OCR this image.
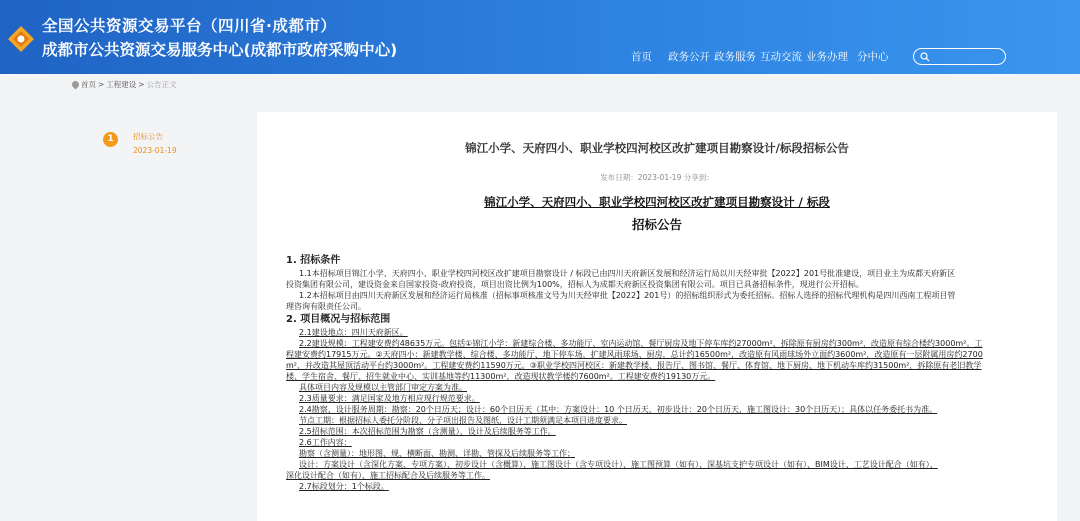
全国公共资源交易平台（四川省·成都市）
成都市公共资源交易服务中心(成都市政府采购中心)	首页 政务公开 政务服务 互动交流 业务办理 分中心
首页 > 工程建设 > 公告正文
1	招标公告
2023-01-19	锦江小学、天府四小、职业学校四河校区改扩建项目勘察设计/标段招标公告
发布日期：2023-01-19 分享到：
锦江小学、天府四小、职业学校四河校区改扩建项目勘察设计 / 标段
招标公告

1. 招标条件

1.1本招标项目锦江小学、天府四小、职业学校四河校区改扩建项目勘察设计 / 标段已由四川天府新区发展和经济运行局以川天经审批【2022】201号批准建设，项目业主为成都天府新区

投资集团有限公司，建设资金来自国家投资-政府投资，项目出资比例为100%，招标人为成都天府新区投资集团有限公司。项目已具备招标条件，现进行公开招标。

1.2本招标项目由四川天府新区发展和经济运行局核准（招标事项核准文号为川天经审批【2022】201号）的招标组织形式为委托招标。招标人选择的招标代理机构是四川西南工程项目管

理咨询有限责任公司。

2. 项目概况与招标范围

2.1建设地点：四川天府新区。

2.2建设规模：工程建安费约48635万元。包括①锦江小学：新建综合楼、多功能厅、室内运动馆、餐厅厨房及地下停车库约27000m²，拆除原有厨房约300m²，改造原有综合楼约3000m²。工

程建安费约17915万元。②天府四小：新建教学楼、综合楼、多功能厅、地下停车场，扩建风雨球场、厨房，总计约16500m²，改造原有风雨球场外立面约3600m²，改造原有一层附属用房约2700

m²，并改造其屋顶活动平台约3000m²。工程建安费约11590万元。③职业学校四河校区：新建教学楼、报告厅、图书馆、餐厅、体育馆、地下厨房、地下机动车库约31500m²，拆除原有老旧教学

楼、学生宿舍、餐厅、招生就业中心、实训基地等约11300m²，改造现状教学楼约7600m²。工程建安费约19130万元。

具体项目内容及规模以主管部门审定方案为准。

2.3质量要求：满足国家及地方相应现行规范要求。

2.4勘察、设计服务周期：勘察：20个日历天；设计：60个日历天（其中：方案设计：10 个日历天，初步设计：20个日历天，施工图设计：30个日历天）；具体以任务委托书为准。

节点工期：根据招标人委托分阶段、分子项出报告及图纸，设计工期须满足本项目进度要求。

2.5招标范围：本次招标范围为勘察（含测量）、设计及后续服务等工作。

2.6工作内容：

勘察（含测量）：地形图、规、横断面、勘测、详勘、管探及后续服务等工作；

设计：方案设计（含深化方案、专项方案）、初步设计（含概算）、施工图设计（含专项设计）、施工图预算（如有）、深基坑支护专项设计（如有）、BIM设计、工艺设计配合（如有）、

深化设计配合（如有）、施工招标配合及后续服务等工作。

2.7标段划分：1个标段。
